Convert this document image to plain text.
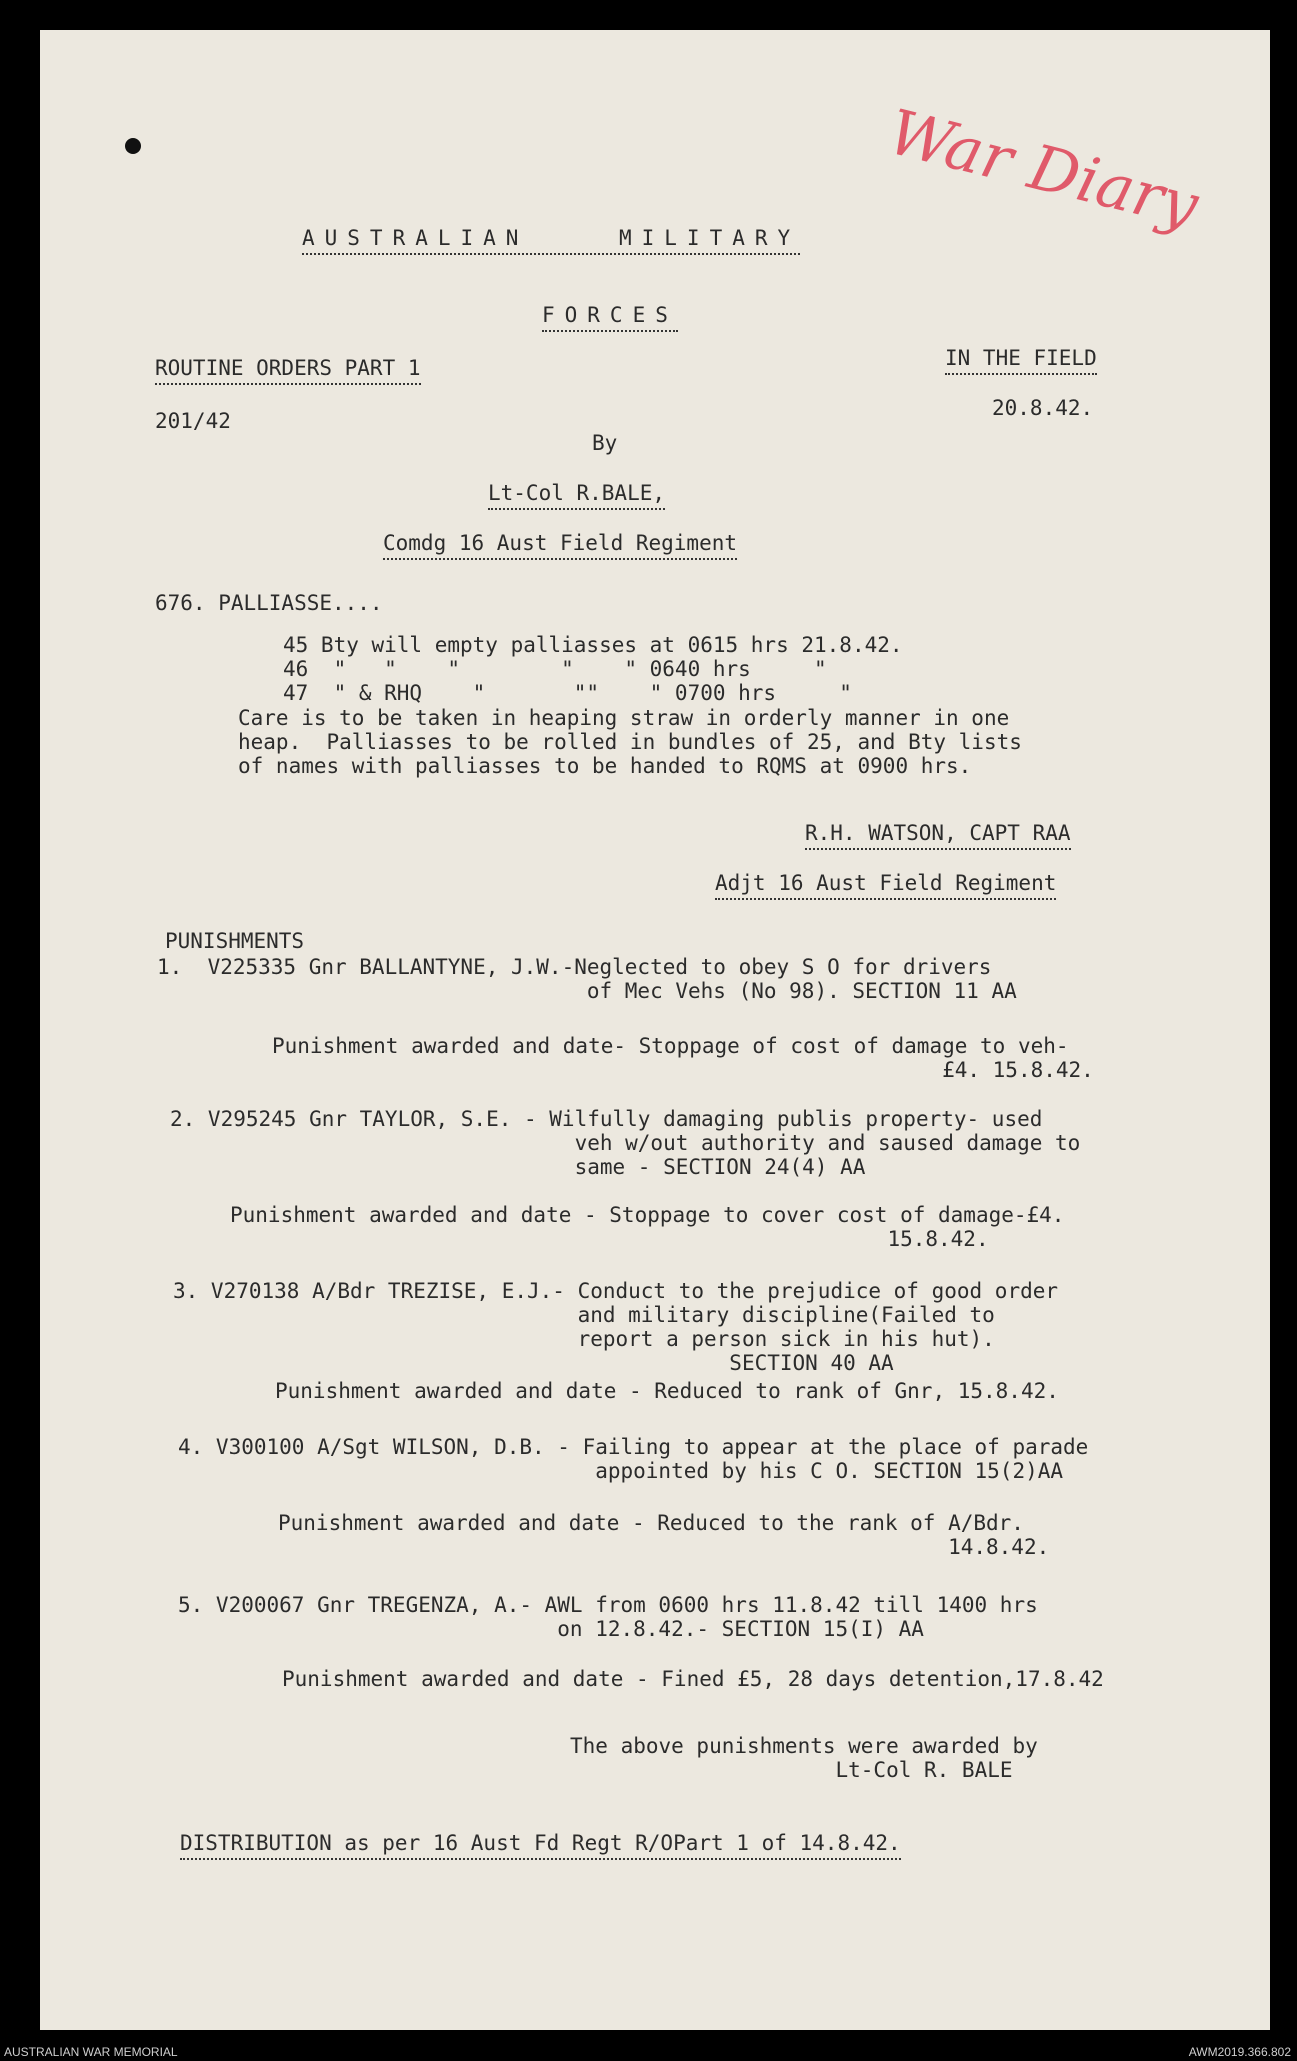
War Diary
AUSTRALIAN    MILITARY
FORCES
ROUTINE ORDERS PART 1	IN THE FIELD
201/42
20.8.42.
By
Lt-Col R.BALE,
Comdg 16 Aust Field Regiment
676. PALLIASSE....
45 Bty will empty palliasses at 0615 hrs 21.8.42.
46  "   "    "        "    " 0640 hrs     "
47  " & RHQ    "       ""    " 0700 hrs     "
Care is to be taken in heaping straw in orderly manner in one
heap.  Palliasses to be rolled in bundles of 25, and Bty lists
of names with palliasses to be handed to RQMS at 0900 hrs.
R.H. WATSON, CAPT RAA
Adjt 16 Aust Field Regiment
PUNISHMENTS
1.  V225335 Gnr BALLANTYNE, J.W.-Neglected to obey S O for drivers
of Mec Vehs (No 98). SECTION 11 AA
Punishment awarded and date- Stoppage of cost of damage to veh-
£4. 15.8.42.
2. V295245 Gnr TAYLOR, S.E. - Wilfully damaging publis property- used
veh w/out authority and saused damage to
same - SECTION 24(4) AA
Punishment awarded and date - Stoppage to cover cost of damage-£4.
15.8.42.
3. V270138 A/Bdr TREZISE, E.J.- Conduct to the prejudice of good order
and military discipline(Failed to
report a person sick in his hut).
SECTION 40 AA
Punishment awarded and date - Reduced to rank of Gnr, 15.8.42.
4. V300100 A/Sgt WILSON, D.B. - Failing to appear at the place of parade
appointed by his C O. SECTION 15(2)AA
Punishment awarded and date - Reduced to the rank of A/Bdr.
14.8.42.
5. V200067 Gnr TREGENZA, A.- AWL from 0600 hrs 11.8.42 till 1400 hrs
on 12.8.42.- SECTION 15(I) AA
Punishment awarded and date - Fined £5, 28 days detention,17.8.42
The above punishments were awarded by
Lt-Col R. BALE
DISTRIBUTION as per 16 Aust Fd Regt R/OPart 1 of 14.8.42.
AUSTRALIAN WAR MEMORIAL	AWM2019.366.802
